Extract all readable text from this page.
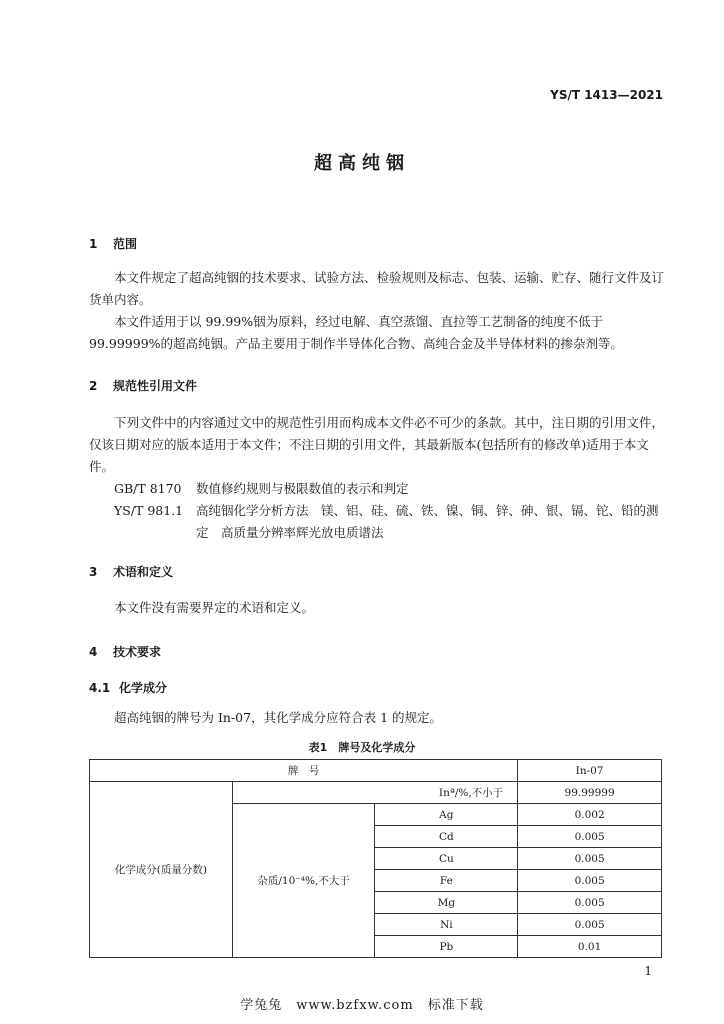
YS/T 1413—2021
超高纯铟
1 范围
本文件规定了超高纯铟的技术要求、试验方法、检验规则及标志、包装、运输、贮存、随行文件及订货单内容。
本文件适用于以 99.99%铟为原料，经过电解、真空蒸馏、直拉等工艺制备的纯度不低于 99.99999%的超高纯铟。产品主要用于制作半导体化合物、高纯合金及半导体材料的掺杂剂等。
2 规范性引用文件
下列文件中的内容通过文中的规范性引用而构成本文件必不可少的条款。其中，注日期的引用文件，仅该日期对应的版本适用于本文件；不注日期的引用文件，其最新版本(包括所有的修改单)适用于本文件。
GB/T 8170 数值修约规则与极限数值的表示和判定
YS/T 981.1	高纯铟化学分析方法　镁、铝、硅、硫、铁、镍、铜、锌、砷、银、镉、铊、铅的测定　高质量分辨率辉光放电质谱法
3 术语和定义
本文件没有需要界定的术语和定义。
4 技术要求
4.1 化学成分
超高纯铟的牌号为 In-07，其化学成分应符合表 1 的规定。
表1　牌号及化学成分
牌　号			In-07
化学成分(质量分数)	Inª/%,不小于		99.99999
	杂质/10⁻⁴%,不大于	Ag	0.002
		Cd	0.005
		Cu	0.005
		Fe	0.005
		Mg	0.005
		Ni	0.005
		Pb	0.01
1
学兔兔　www.bzfxw.com　标准下载
